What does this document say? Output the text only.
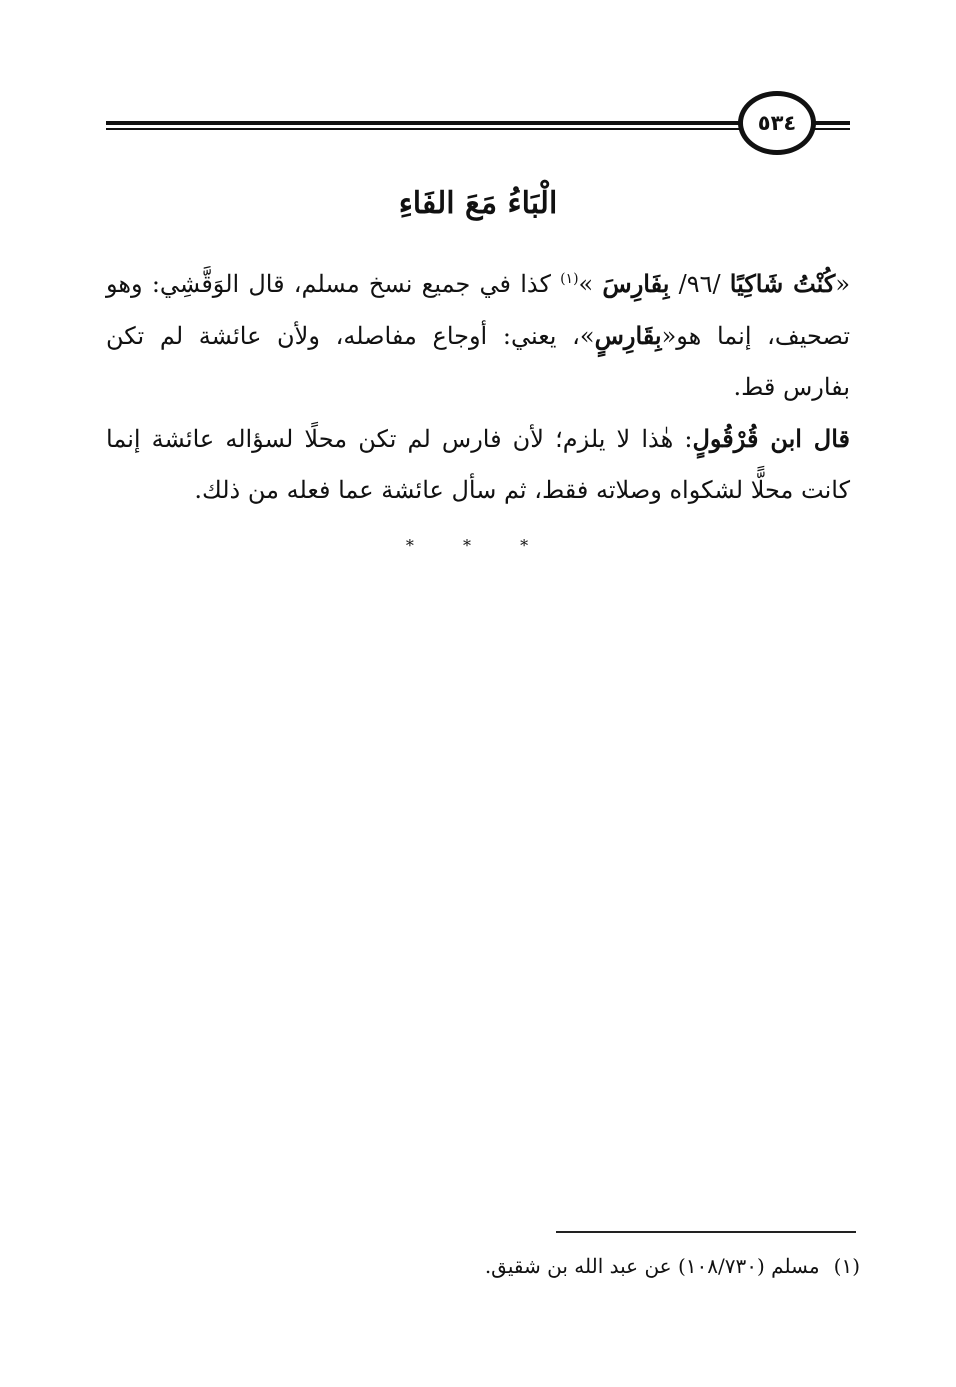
٥٣٤
الْبَاءُ مَعَ الفَاءِ

«كُنْتُ شَاكِيًا /٩٦/ بِفَارِسَ »$^{(١)}$ كذا في جميع نسخ مسلم، قال الوَقَّشِي: وهو تصحيف، إنما هو«بِقَارِسٍ»، يعني: أوجاع مفاصله، ولأن عائشة لم تكن بفارس قط.

قال ابن قُرْقُولٍ: هٰذا لا يلزم؛ لأن فارس لم تكن محلًا لسؤاله عائشة إنما كانت محلًّا لشكواه وصلاته فقط، ثم سأل عائشة عما فعله من ذلك.

* * *
(١)مسلم (١٠٨/٧٣٠) عن عبد الله بن شقيق.
